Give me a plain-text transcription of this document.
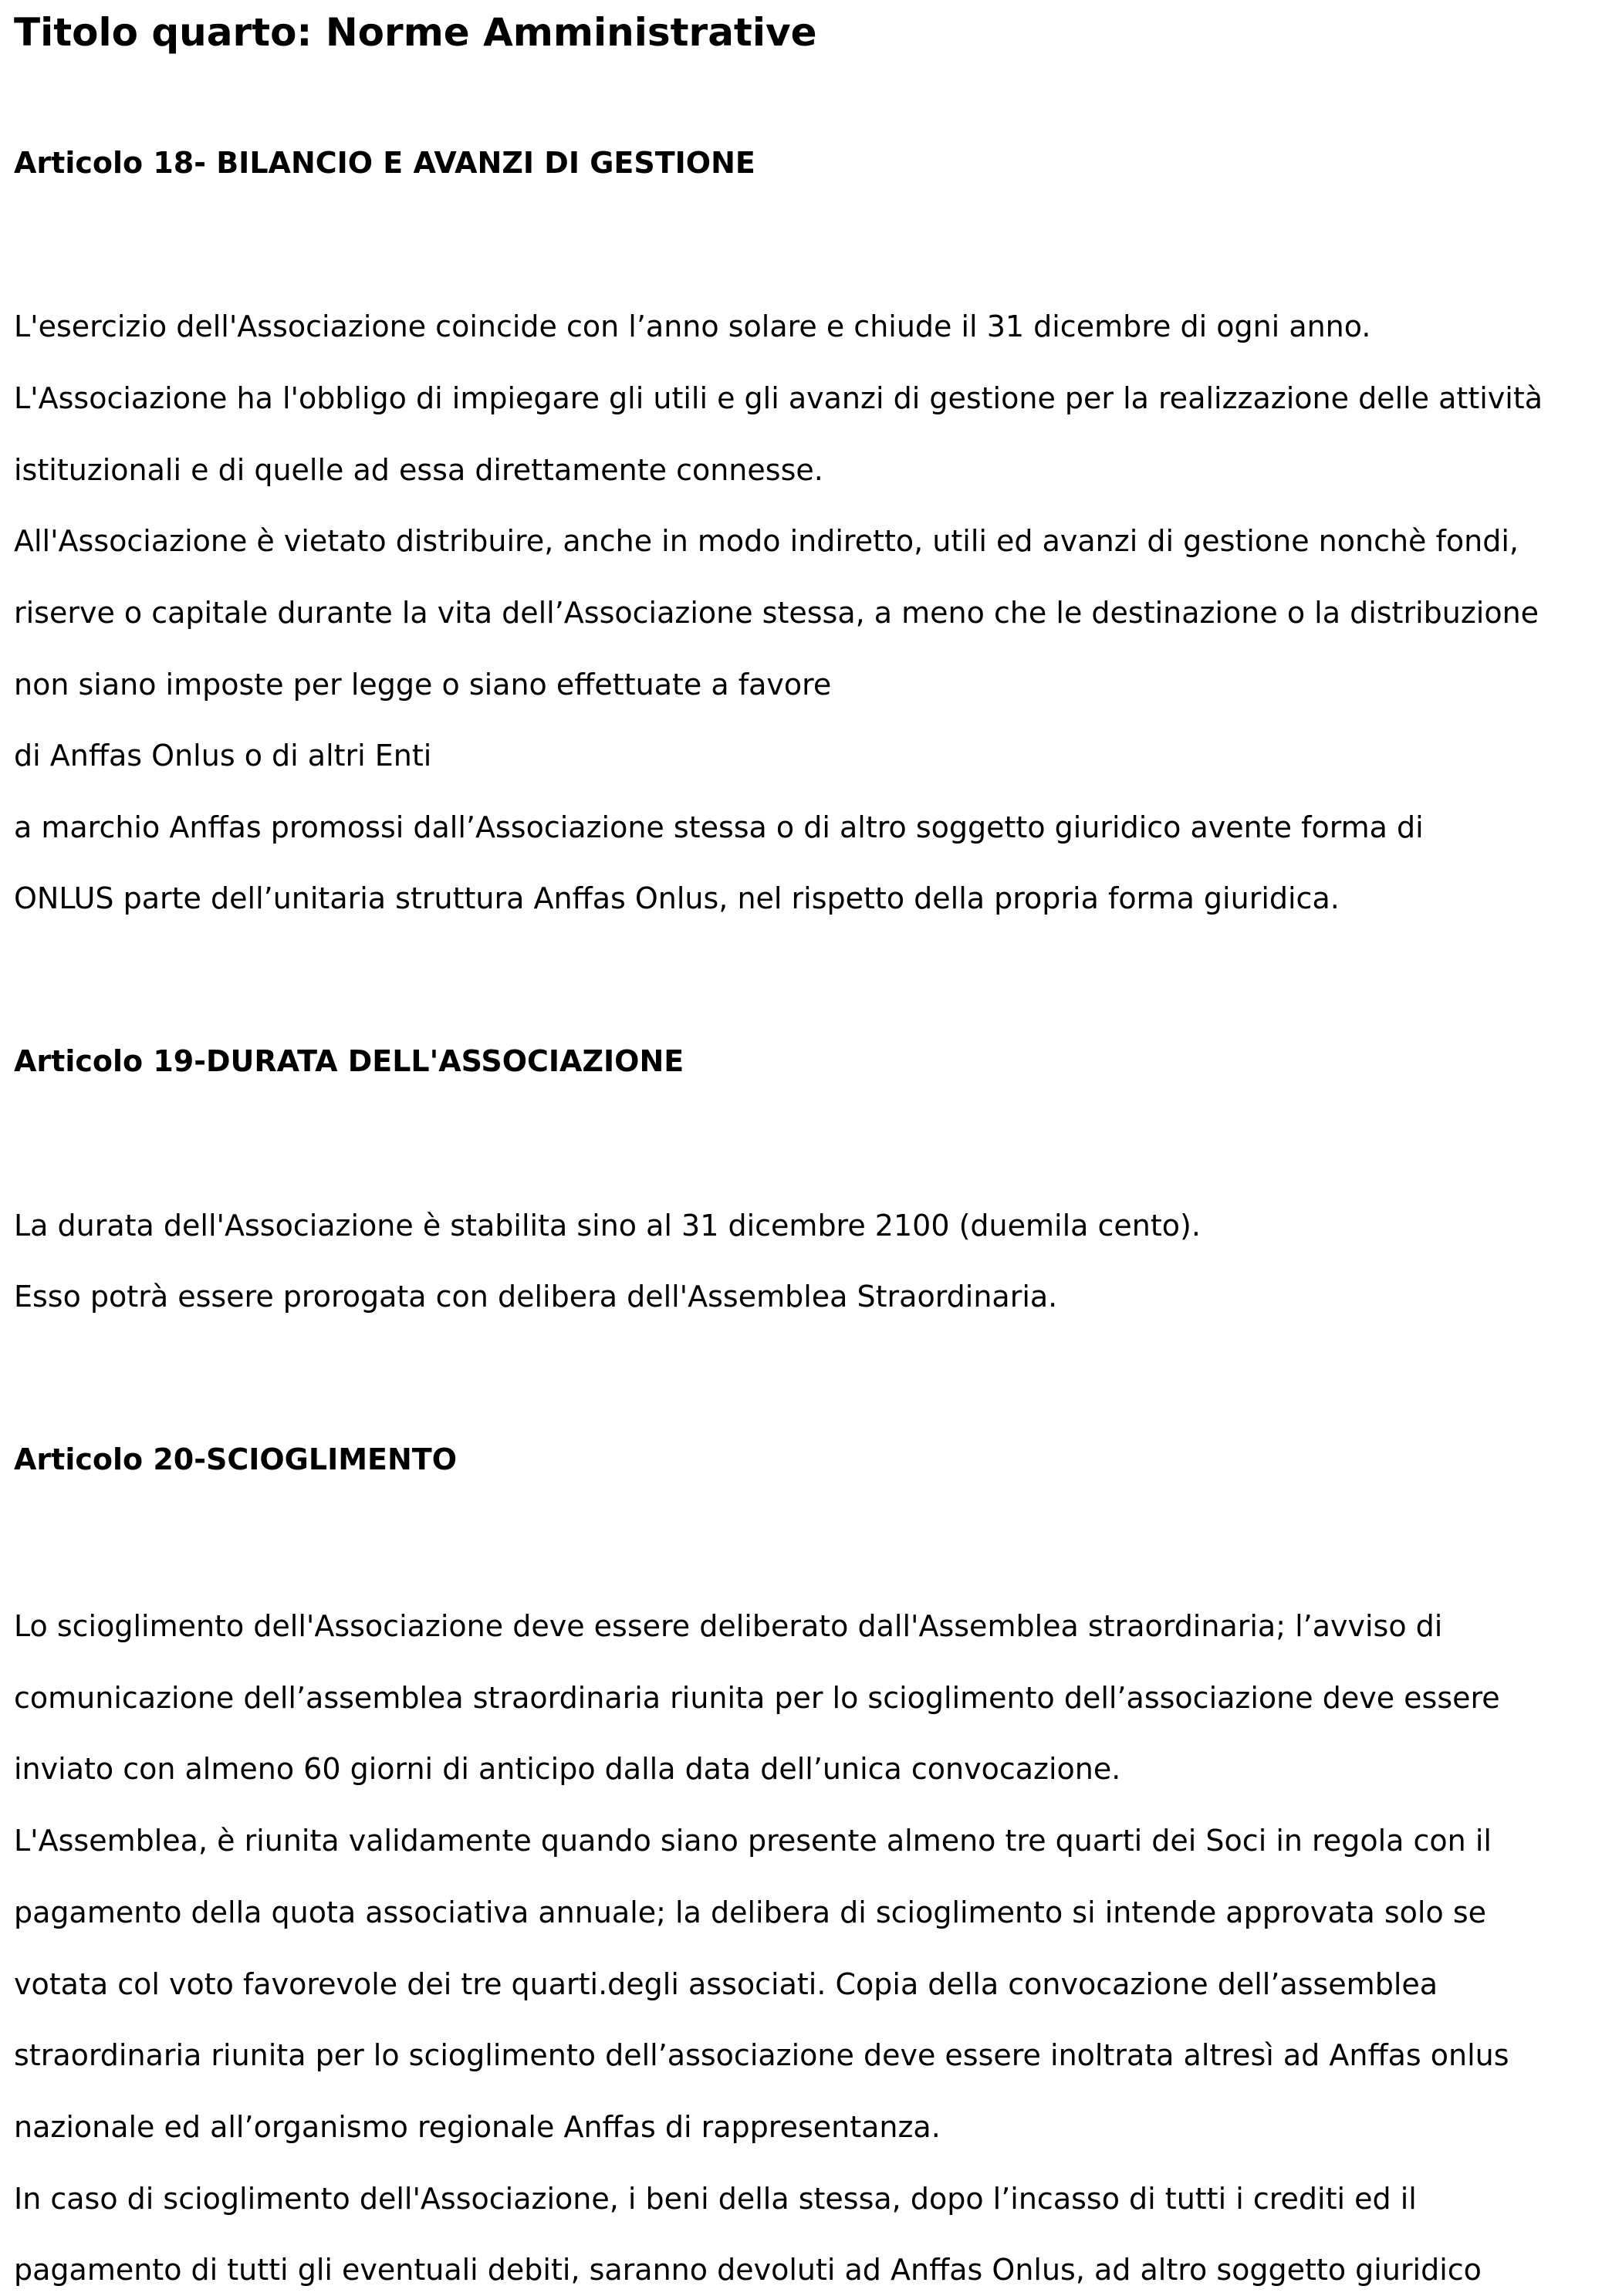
Titolo quarto: Norme Amministrative
Articolo 18- BILANCIO E AVANZI DI GESTIONE

L'esercizio dell'Associazione coincide con l’anno solare e chiude il 31 dicembre di ogni anno.

L'Associazione ha l'obbligo di impiegare gli utili e gli avanzi di gestione per la realizzazione delle attività

istituzionali e di quelle ad essa direttamente connesse.

All'Associazione è vietato distribuire, anche in modo indiretto, utili ed avanzi di gestione nonchè fondi,

riserve o capitale durante la vita dell’Associazione stessa, a meno che le destinazione o la distribuzione

non siano imposte per legge o siano effettuate a favore

di Anffas Onlus o di altri Enti

a marchio Anffas promossi dall’Associazione stessa o di altro soggetto giuridico avente forma di

ONLUS parte dell’unitaria struttura Anffas Onlus, nel rispetto della propria forma giuridica.

Articolo 19-DURATA DELL'ASSOCIAZIONE

La durata dell'Associazione è stabilita sino al 31 dicembre 2100 (duemila cento).

Esso potrà essere prorogata con delibera dell'Assemblea Straordinaria.

Articolo 20-SCIOGLIMENTO

Lo scioglimento dell'Associazione deve essere deliberato dall'Assemblea straordinaria; l’avviso di

comunicazione dell’assemblea straordinaria riunita per lo scioglimento dell’associazione deve essere

inviato con almeno 60 giorni di anticipo dalla data dell’unica convocazione.

L'Assemblea, è riunita validamente quando siano presente almeno tre quarti dei Soci in regola con il

pagamento della quota associativa annuale; la delibera di scioglimento si intende approvata solo se

votata col voto favorevole dei tre quarti.degli associati. Copia della convocazione dell’assemblea

straordinaria riunita per lo scioglimento dell’associazione deve essere inoltrata altresì ad Anffas onlus

nazionale ed all’organismo regionale Anffas di rappresentanza.

In caso di scioglimento dell'Associazione, i beni della stessa, dopo l’incasso di tutti i crediti ed il

pagamento di tutti gli eventuali debiti, saranno devoluti ad Anffas Onlus, ad altro soggetto giuridico
